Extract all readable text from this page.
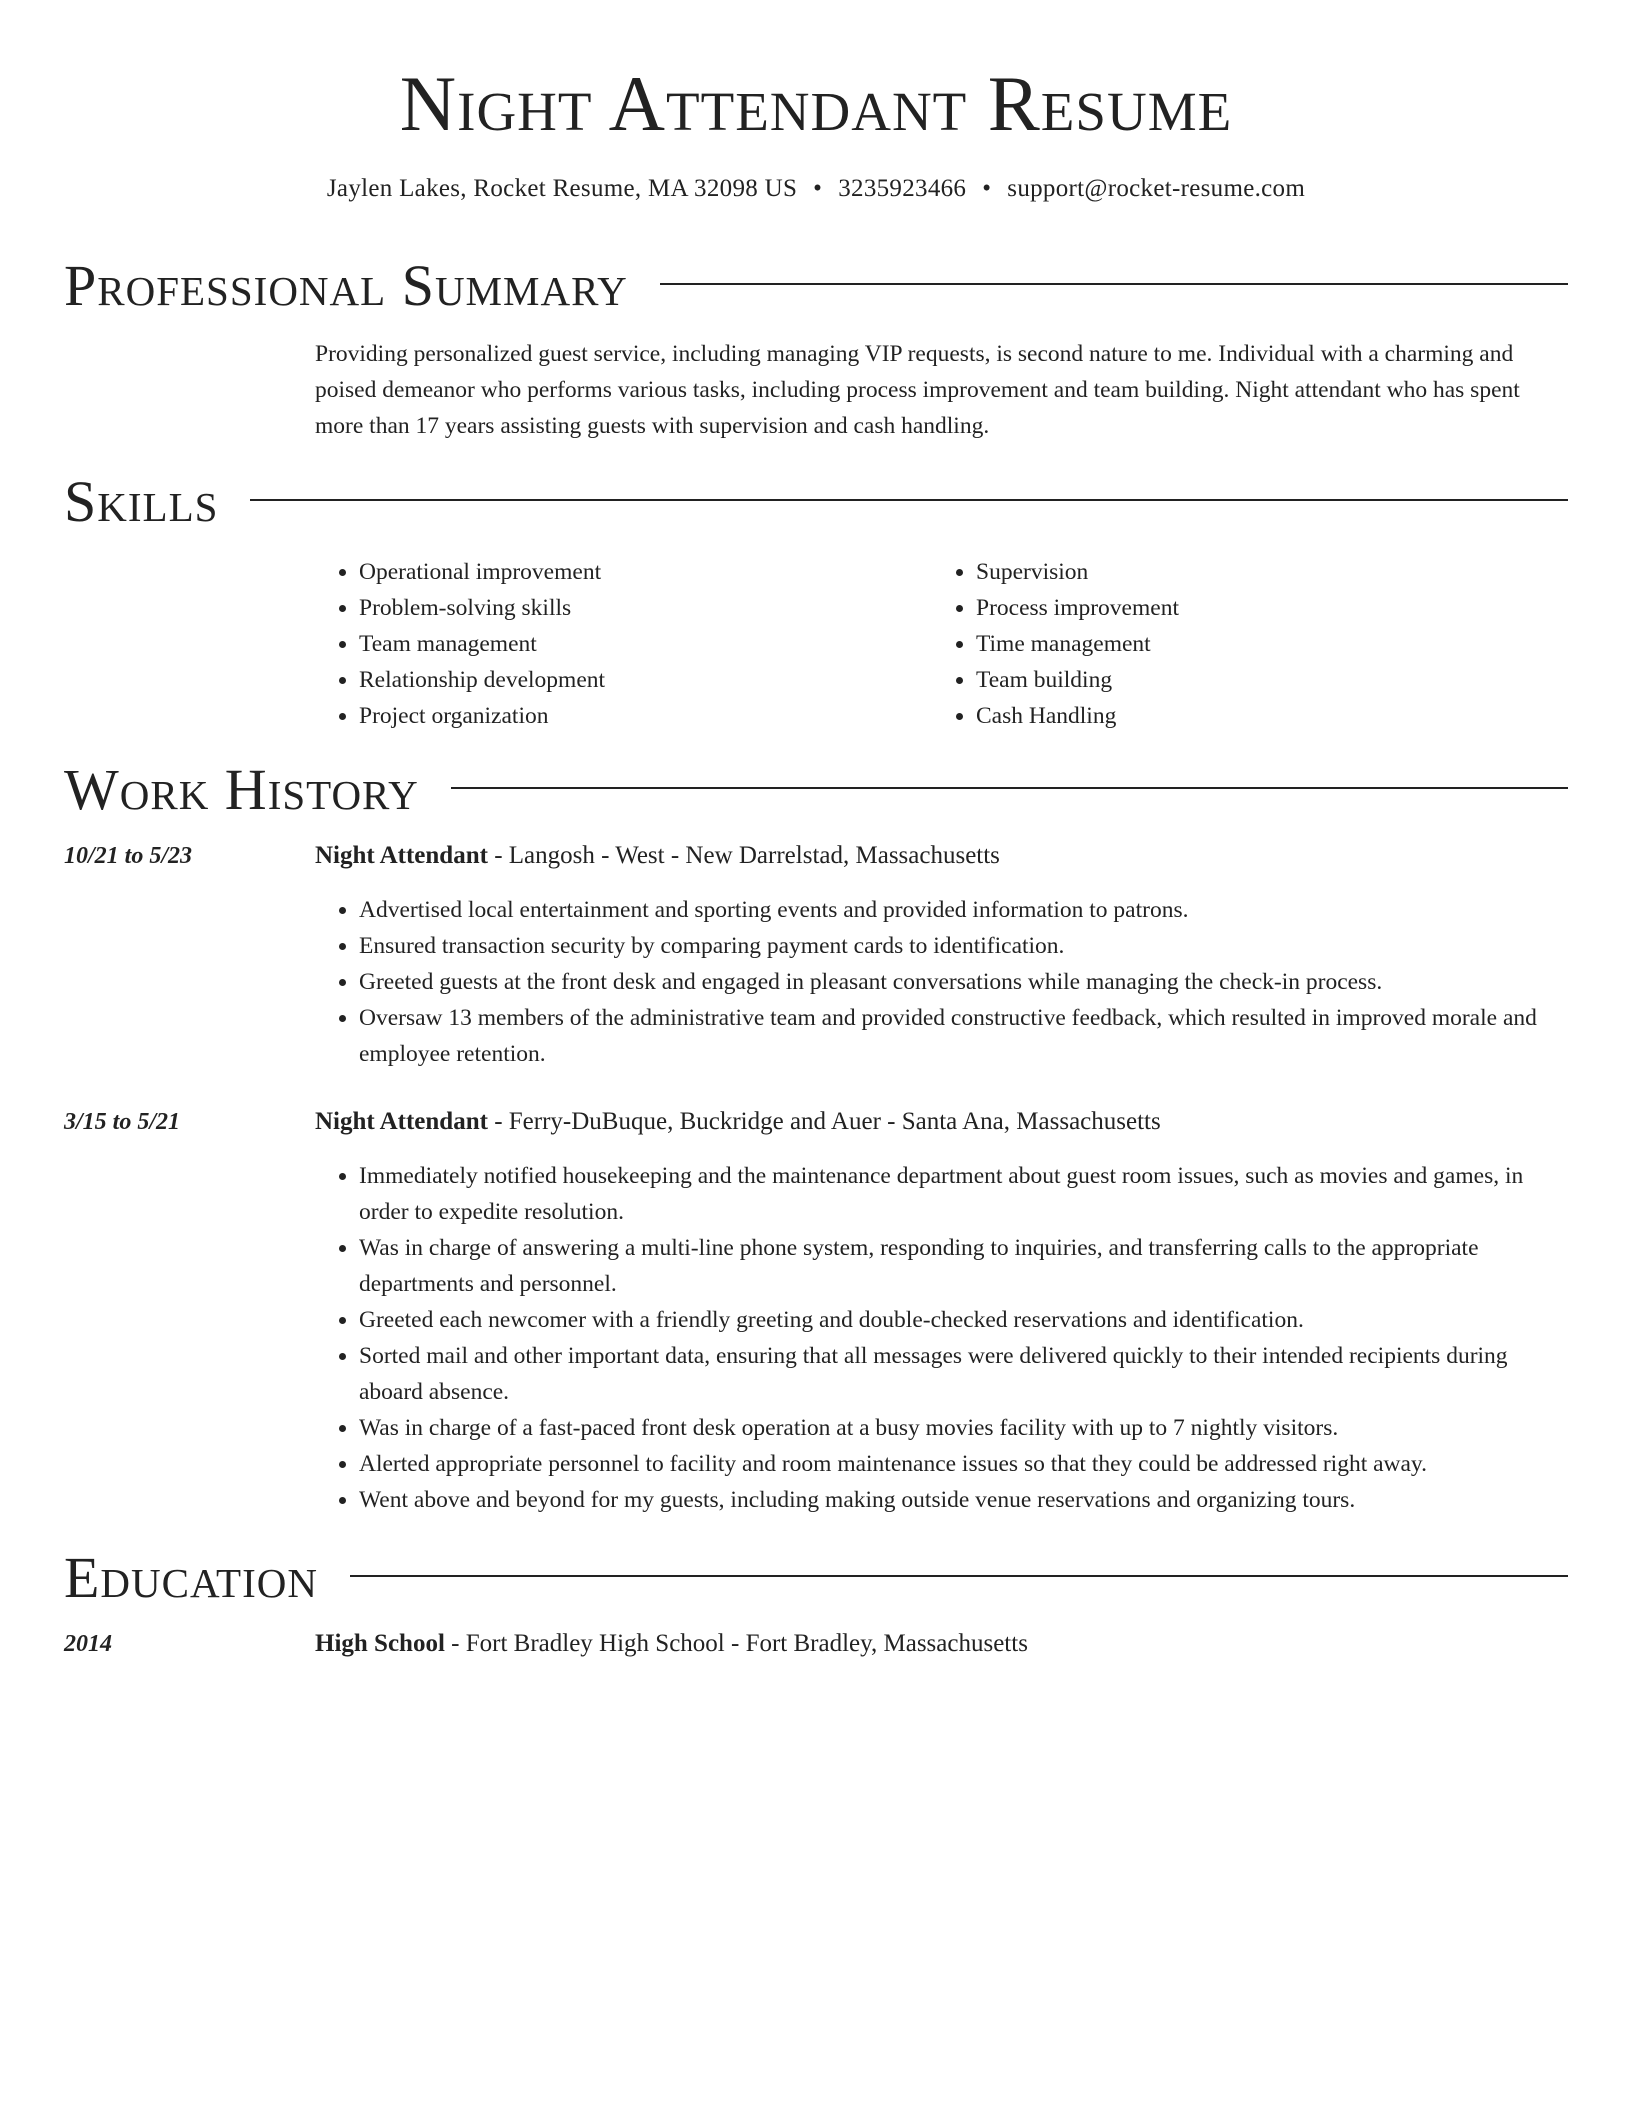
Night Attendant Resume
Jaylen Lakes, Rocket Resume, MA 32098 US • 3235923466 • support@rocket-resume.com
Professional Summary

Providing personalized guest service, including managing VIP requests, is second nature to me. Individual with a charming and poised demeanor who performs various tasks, including process improvement and team building. Night attendant who has spent more than 17 years assisting guests with supervision and cash handling.

Skills
• Operational improvement
• Problem-solving skills
• Team management
• Relationship development
• Project organization
• Supervision
• Process improvement
• Time management
• Team building
• Cash Handling
Work History
10/21 to 5/23	Night Attendant - Langosh - West - New Darrelstad, Massachusetts
• Advertised local entertainment and sporting events and provided information to patrons.
• Ensured transaction security by comparing payment cards to identification.
• Greeted guests at the front desk and engaged in pleasant conversations while managing the check-in process.
• Oversaw 13 members of the administrative team and provided constructive feedback, which resulted in improved morale and employee retention.
3/15 to 5/21	Night Attendant - Ferry-DuBuque, Buckridge and Auer - Santa Ana, Massachusetts
• Immediately notified housekeeping and the maintenance department about guest room issues, such as movies and games, in order to expedite resolution.
• Was in charge of answering a multi-line phone system, responding to inquiries, and transferring calls to the appropriate departments and personnel.
• Greeted each newcomer with a friendly greeting and double-checked reservations and identification.
• Sorted mail and other important data, ensuring that all messages were delivered quickly to their intended recipients during aboard absence.
• Was in charge of a fast-paced front desk operation at a busy movies facility with up to 7 nightly visitors.
• Alerted appropriate personnel to facility and room maintenance issues so that they could be addressed right away.
• Went above and beyond for my guests, including making outside venue reservations and organizing tours.
Education
2014	High School - Fort Bradley High School - Fort Bradley, Massachusetts
